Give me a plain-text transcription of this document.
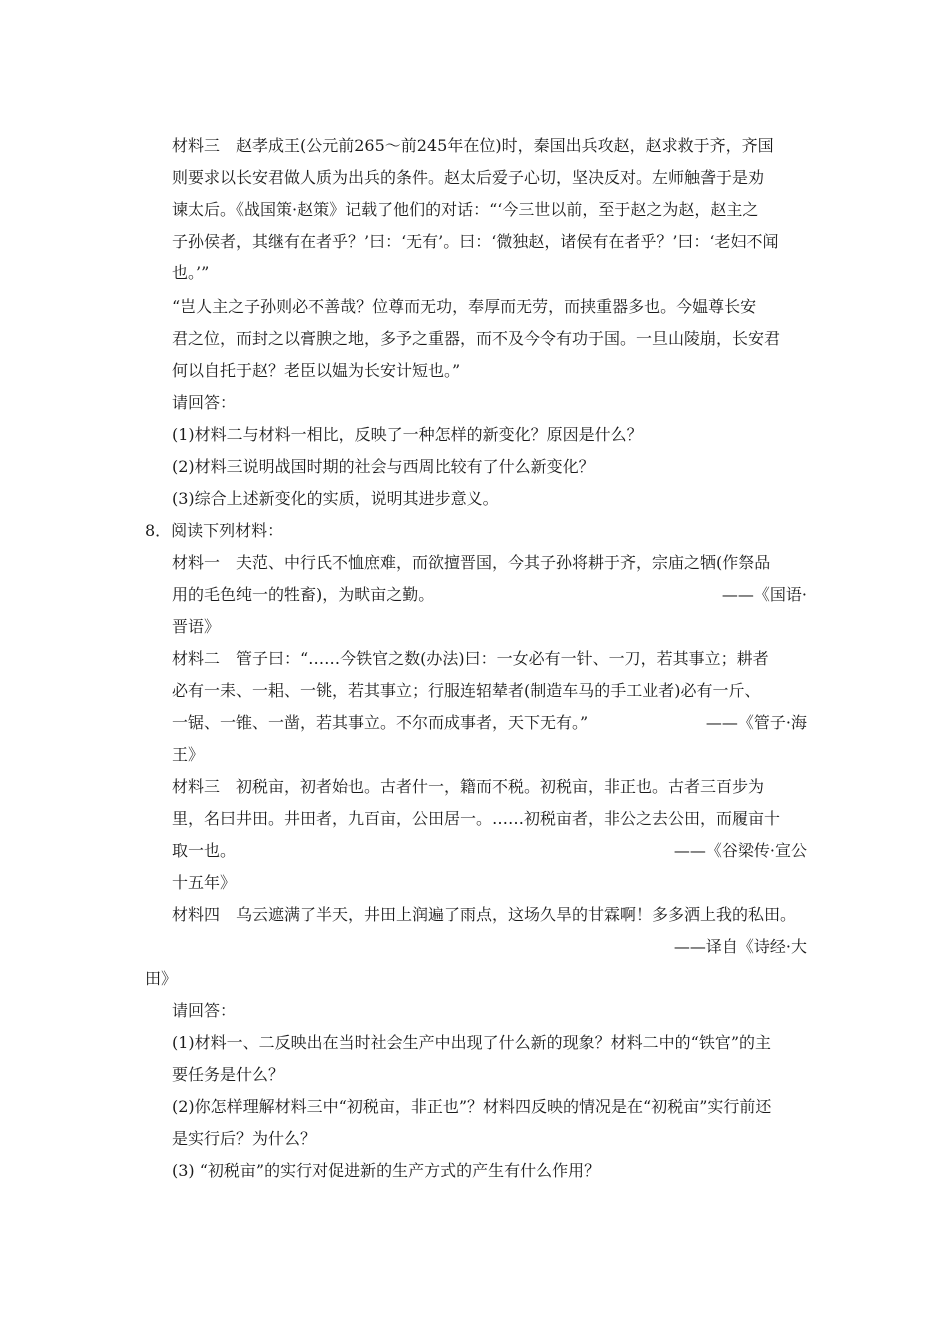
材料三　赵孝成王(公元前265～前245年在位)时，秦国出兵攻赵，赵求救于齐，齐国
则要求以长安君做人质为出兵的条件。赵太后爱子心切，坚决反对。左师触詟于是劝
谏太后。《战国策·赵策》记载了他们的对话：“‘今三世以前，至于赵之为赵，赵主之
子孙侯者，其继有在者乎？’曰：‘无有’。曰：‘微独赵，诸侯有在者乎？’曰：‘老妇不闻
也。’”
“岂人主之子孙则必不善哉？位尊而无功，奉厚而无劳，而挟重器多也。今媪尊长安
君之位，而封之以膏腴之地，多予之重器，而不及今令有功于国。一旦山陵崩，长安君
何以自托于赵？老臣以媪为长安计短也。”
请回答：
(1)材料二与材料一相比，反映了一种怎样的新变化？原因是什么？
(2)材料三说明战国时期的社会与西周比较有了什么新变化？
(3)综合上述新变化的实质，说明其进步意义。
8．阅读下列材料：
材料一　夫范、中行氏不恤庶难，而欲擅晋国，今其子孙将耕于齐，宗庙之牺(作祭品
用的毛色纯一的牲畜)，为畎亩之勤。	——《国语·
晋语》
材料二　管子曰：“……今铁官之数(办法)曰：一女必有一针、一刀，若其事立；耕者
必有一耒、一耜、一铫，若其事立；行服连轺辇者(制造车马的手工业者)必有一斤、
一锯、一锥、一凿，若其事立。不尔而成事者，天下无有。”	——《管子·海
王》
材料三　初税亩，初者始也。古者什一，籍而不税。初税亩，非正也。古者三百步为
里，名曰井田。井田者，九百亩，公田居一。……初税亩者，非公之去公田，而履亩十
取一也。	——《谷梁传·宣公
十五年》
材料四　乌云遮满了半天，井田上润遍了雨点，这场久旱的甘霖啊！多多洒上我的私田。
——译自《诗经·大
田》
请回答：
(1)材料一、二反映出在当时社会生产中出现了什么新的现象？材料二中的“铁官”的主
要任务是什么？
(2)你怎样理解材料三中“初税亩，非正也”？材料四反映的情况是在“初税亩”实行前还
是实行后？为什么？
(3) “初税亩”的实行对促进新的生产方式的产生有什么作用？
